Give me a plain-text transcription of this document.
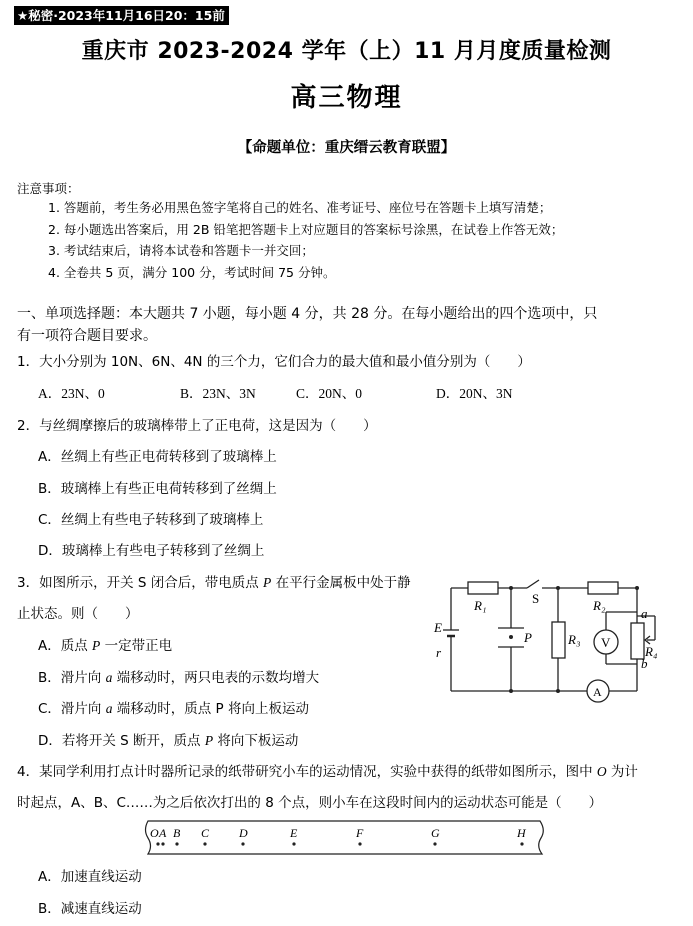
★秘密·2023年11月16日20：15前
重庆市 2023-2024 学年（上）11 月月度质量检测
高三物理
【命题单位：重庆缙云教育联盟】
注意事项：
1. 答题前，考生务必用黑色签字笔将自己的姓名、准考证号、座位号在答题卡上填写清楚；
2. 每小题选出答案后，用 2B 铅笔把答题卡上对应题目的答案标号涂黑，在试卷上作答无效；
3. 考试结束后，请将本试卷和答题卡一并交回；
4. 全卷共 5 页，满分 100 分，考试时间 75 分钟。
一、单项选择题：本大题共 7 小题，每小题 4 分，共 28 分。在每小题给出的四个选项中，只
有一项符合题目要求。
1．大小分别为 10N、6N、4N 的三个力，它们合力的最大值和最小值分别为（　　）
A．23N、0	B．23N、3N	C．20N、0	D．20N、3N
2．与丝绸摩擦后的玻璃棒带上了正电荷，这是因为（　　）
A．丝绸上有些正电荷转移到了玻璃棒上
B．玻璃棒上有些正电荷转移到了丝绸上
C．丝绸上有些电子转移到了玻璃棒上
D．玻璃棒上有些电子转移到了丝绸上
3．如图所示，开关 S 闭合后，带电质点 P 在平行金属板中处于静
止状态。则（　　）
A．质点 P 一定带正电
B．滑片向 a 端移动时，两只电表的示数均增大
C．滑片向 a 端移动时，质点 P 将向上板运动
D．若将开关 S 断开，质点 P 将向下板运动
R₁	S	R₂
a
E
r
P	R₃ V
R₄
b
A
4．某同学利用打点计时器所记录的纸带研究小车的运动情况，实验中获得的纸带如图所示，图中 O 为计
时起点，A、B、C……为之后依次打出的 8 个点，则小车在这段时间内的运动状态可能是（　　）
O A B C D	E	F	G	H
A．加速直线运动
B．减速直线运动
